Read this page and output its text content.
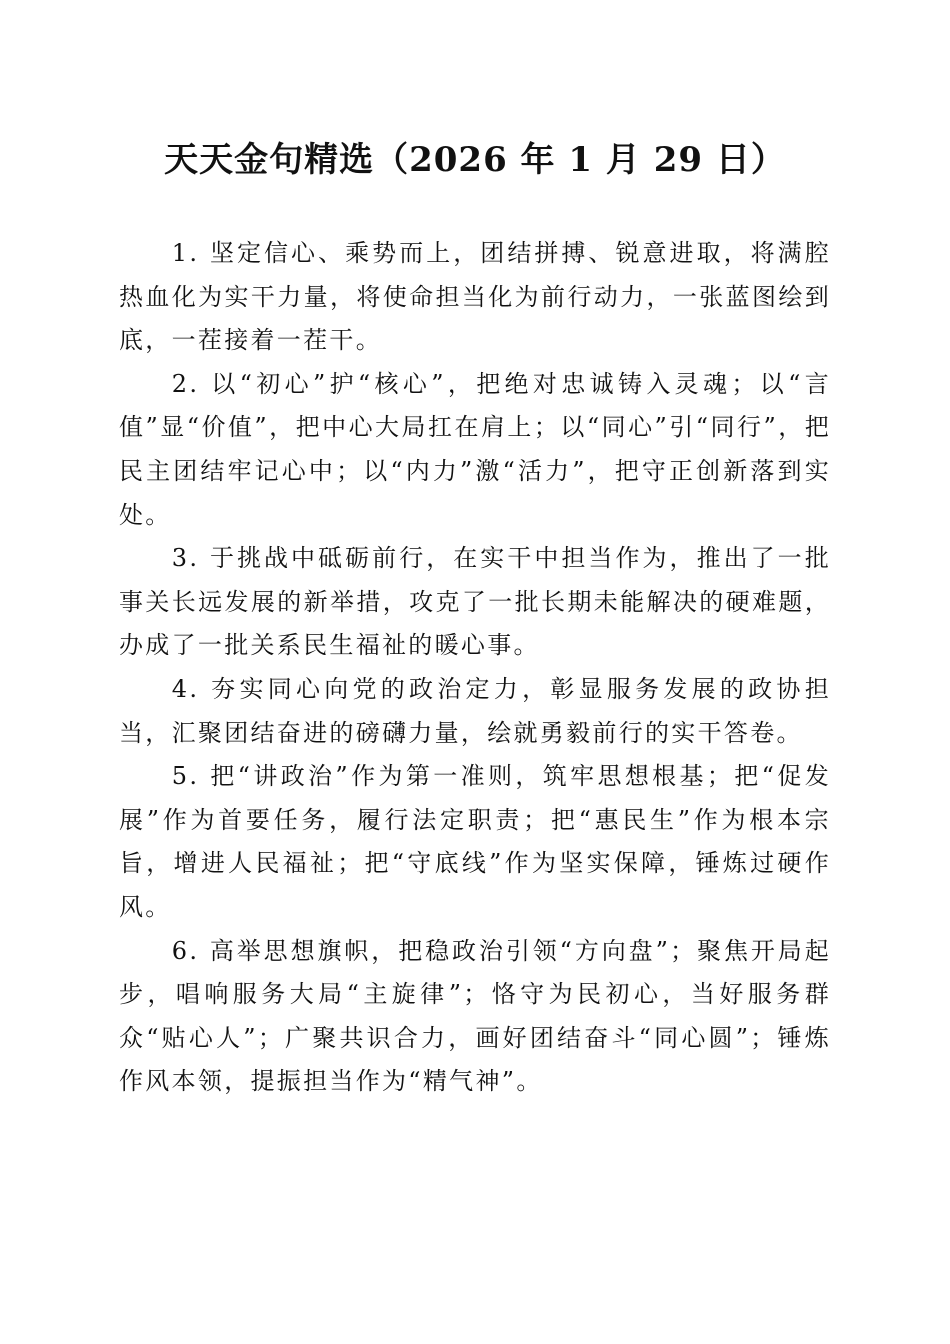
天天金句精选（2026 年 1 月 29 日）

1. 坚定信心、乘势而上，团结拼搏、锐意进取，将满腔热血化为实干力量，将使命担当化为前行动力，一张蓝图绘到底，一茬接着一茬干。

2. 以“初心”护“核心”，把绝对忠诚铸入灵魂；以“言值”显“价值”，把中心大局扛在肩上；以“同心”引“同行”，把民主团结牢记心中；以“内力”激“活力”，把守正创新落到实处。

3. 于挑战中砥砺前行，在实干中担当作为，推出了一批事关长远发展的新举措，攻克了一批长期未能解决的硬难题，办成了一批关系民生福祉的暖心事。

4. 夯实同心向党的政治定力，彰显服务发展的政协担当，汇聚团结奋进的磅礴力量，绘就勇毅前行的实干答卷。

5. 把“讲政治”作为第一准则，筑牢思想根基；把“促发展”作为首要任务，履行法定职责；把“惠民生”作为根本宗旨，增进人民福祉；把“守底线”作为坚实保障，锤炼过硬作风。

6. 高举思想旗帜，把稳政治引领“方向盘”；聚焦开局起步，唱响服务大局“主旋律”；恪守为民初心，当好服务群众“贴心人”；广聚共识合力，画好团结奋斗“同心圆”；锤炼作风本领，提振担当作为“精气神”。
